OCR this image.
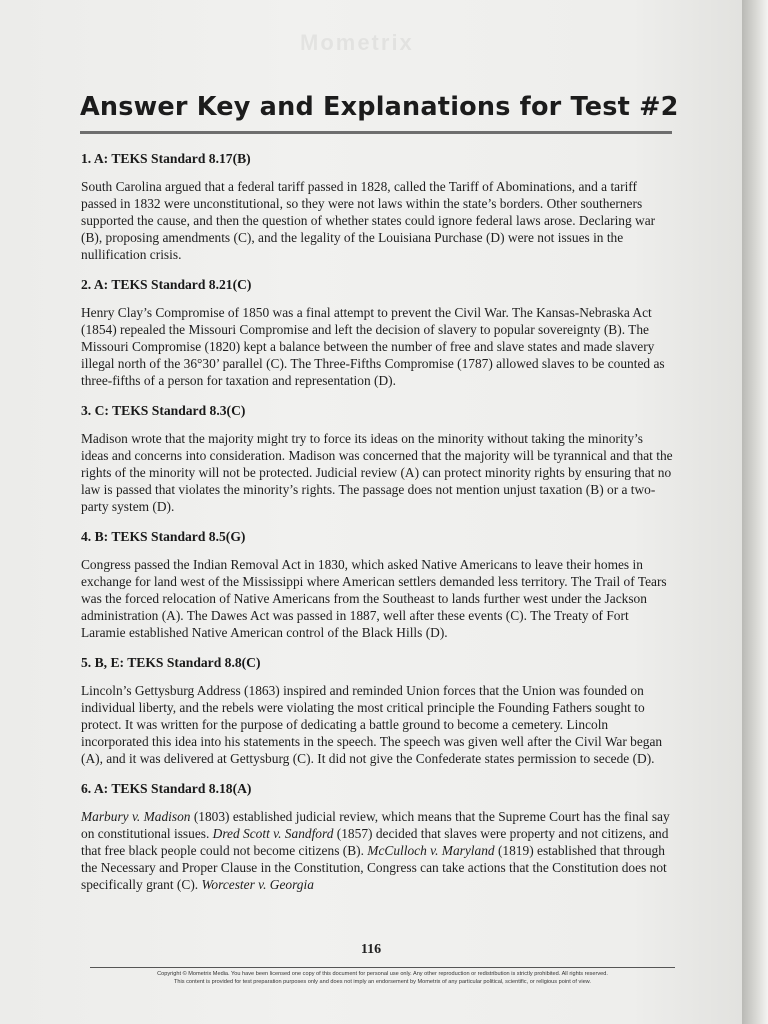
Mometrix
Answer Key and Explanations for Test #2
1. A: TEKS Standard 8.17(B)

South Carolina argued that a federal tariff passed in 1828, called the Tariff of Abominations, and a tariff passed in 1832 were unconstitutional, so they were not laws within the state’s borders. Other southerners supported the cause, and then the question of whether states could ignore federal laws arose. Declaring war (B), proposing amendments (C), and the legality of the Louisiana Purchase (D) were not issues in the nullification crisis.

2. A: TEKS Standard 8.21(C)

Henry Clay’s Compromise of 1850 was a final attempt to prevent the Civil War. The Kansas-Nebraska Act (1854) repealed the Missouri Compromise and left the decision of slavery to popular sovereignty (B). The Missouri Compromise (1820) kept a balance between the number of free and slave states and made slavery illegal north of the 36°30’ parallel (C). The Three-Fifths Compromise (1787) allowed slaves to be counted as three-fifths of a person for taxation and representation (D).

3. C: TEKS Standard 8.3(C)

Madison wrote that the majority might try to force its ideas on the minority without taking the minority’s ideas and concerns into consideration. Madison was concerned that the majority will be tyrannical and that the rights of the minority will not be protected. Judicial review (A) can protect minority rights by ensuring that no law is passed that violates the minority’s rights. The passage does not mention unjust taxation (B) or a two-party system (D).

4. B: TEKS Standard 8.5(G)

Congress passed the Indian Removal Act in 1830, which asked Native Americans to leave their homes in exchange for land west of the Mississippi where American settlers demanded less territory. The Trail of Tears was the forced relocation of Native Americans from the Southeast to lands further west under the Jackson administration (A). The Dawes Act was passed in 1887, well after these events (C). The Treaty of Fort Laramie established Native American control of the Black Hills (D).

5. B, E: TEKS Standard 8.8(C)

Lincoln’s Gettysburg Address (1863) inspired and reminded Union forces that the Union was founded on individual liberty, and the rebels were violating the most critical principle the Founding Fathers sought to protect. It was written for the purpose of dedicating a battle ground to become a cemetery. Lincoln incorporated this idea into his statements in the speech. The speech was given well after the Civil War began (A), and it was delivered at Gettysburg (C). It did not give the Confederate states permission to secede (D).

6. A: TEKS Standard 8.18(A)

Marbury v. Madison (1803) established judicial review, which means that the Supreme Court has the final say on constitutional issues. Dred Scott v. Sandford (1857) decided that slaves were property and not citizens, and that free black people could not become citizens (B). McCulloch v. Maryland (1819) established that through the Necessary and Proper Clause in the Constitution, Congress can take actions that the Constitution does not specifically grant (C). Worcester v. Georgia

116
Copyright © Mometrix Media. You have been licensed one copy of this document for personal use only. Any other reproduction or redistribution is strictly prohibited. All rights reserved.
This content is provided for test preparation purposes only and does not imply an endorsement by Mometrix of any particular political, scientific, or religious point of view.
